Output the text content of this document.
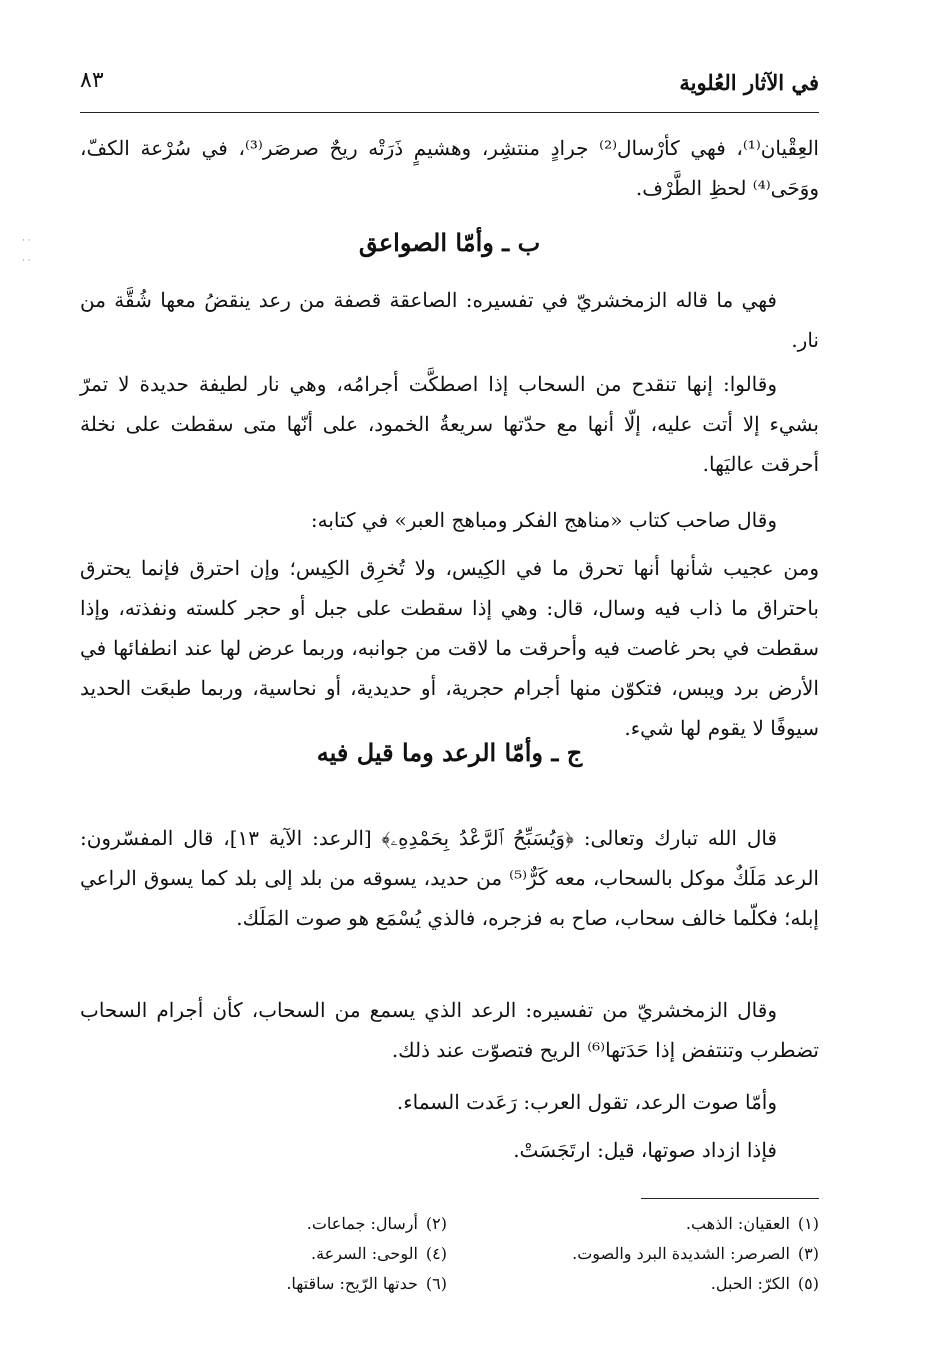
في الآثار العُلوية
٨٣
· ·
· ·

العِقْيان⁽¹⁾، فهي كأرْسال⁽²⁾ جرادٍ منتشِر، وهشيمٍ ذَرَتْه ريحٌ صرصَر⁽³⁾، في سُرْعة الكفّ، ووَحَى⁽⁴⁾ لحظِ الطَّرْف.

ب ـ وأمّا الصواعق

فهي ما قاله الزمخشريّ في تفسيره: الصاعقة قصفة من رعد ينقضُ معها شُقَّة من نار.

وقالوا: إنها تنقدح من السحاب إذا اصطكَّت أجرامُه، وهي نار لطيفة حديدة لا تمرّ بشيء إلا أتت عليه، إلّا أنها مع حدّتها سريعةُ الخمود، على أنّها متى سقطت على نخلة أحرقت عاليَها.

وقال صاحب كتاب «مناهج الفكر ومباهج العبر» في كتابه:

ومن عجيب شأنها أنها تحرق ما في الكِيس، ولا تُخرِق الكِيس؛ وإن احترق فإنما يحترق باحتراق ما ذاب فيه وسال، قال: وهي إذا سقطت على جبل أو حجر كلسته ونفذته، وإذا سقطت في بحر غاصت فيه وأحرقت ما لاقت من جوانبه، وربما عرض لها عند انطفائها في الأرض برد ويبس، فتكوّن منها أجرام حجرية، أو حديدية، أو نحاسية، وربما طبعَت الحديد سيوفًا لا يقوم لها شيء.

ج ـ وأمّا الرعد وما قيل فيه

قال الله تبارك وتعالى: ﴿وَيُسَبِّحُ ٱلرَّعْدُ بِحَمْدِهِۦ﴾ [الرعد: الآية ١٣]، قال المفسّرون: الرعد مَلَكٌ موكل بالسحاب، معه كَرٌّ⁽⁵⁾ من حديد، يسوقه من بلد إلى بلد كما يسوق الراعي إبله؛ فكلّما خالف سحاب، صاح به فزجره، فالذي يُسْمَع هو صوت المَلَك.

وقال الزمخشريّ من تفسيره: الرعد الذي يسمع من السحاب، كأن أجرام السحاب تضطرب وتنتفض إذا حَدَتها⁽⁶⁾ الريح فتصوّت عند ذلك.

وأمّا صوت الرعد، تقول العرب: رَعَدت السماء.

فإذا ازداد صوتها، قيل: ارتَجَسَتْ.

(١)العقيان: الذهب.
(٢)أرسال: جماعات.
(٣)الصرصر: الشديدة البرد والصوت.
(٤)الوحى: السرعة.
(٥)الكرّ: الحبل.
(٦)حدتها الرّيح: ساقتها.
